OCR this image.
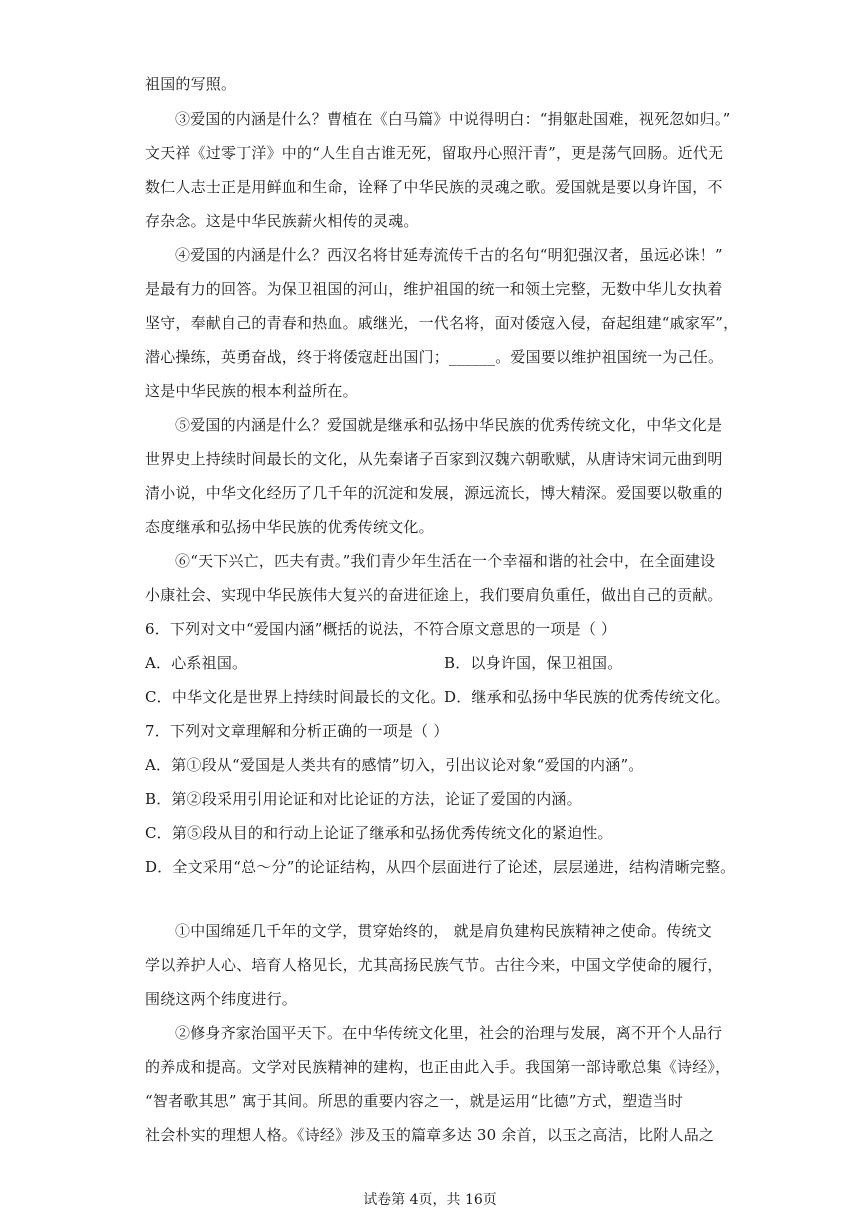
祖国的写照。
③爱国的内涵是什么？曹植在《白马篇》中说得明白：“捐躯赴国难，视死忽如归。”
文天祥《过零丁洋》中的“人生自古谁无死，留取丹心照汗青”，更是荡气回肠。近代无
数仁人志士正是用鲜血和生命，诠释了中华民族的灵魂之歌。爱国就是要以身许国，不
存杂念。这是中华民族薪火相传的灵魂。
④爱国的内涵是什么？西汉名将甘延寿流传千古的名句“明犯强汉者，虽远必诛！”
是最有力的回答。为保卫祖国的河山，维护祖国的统一和领土完整，无数中华儿女执着
坚守，奉献自己的青春和热血。戚继光，一代名将，面对倭寇入侵，奋起组建“戚家军”，
潜心操练，英勇奋战，终于将倭寇赶出国门；______。爱国要以维护祖国统一为己任。
这是中华民族的根本利益所在。
⑤爱国的内涵是什么？爱国就是继承和弘扬中华民族的优秀传统文化，中华文化是
世界史上持续时间最长的文化，从先秦诸子百家到汉魏六朝歌赋，从唐诗宋词元曲到明
清小说，中华文化经历了几千年的沉淀和发展，源远流长，博大精深。爱国要以敬重的
态度继承和弘扬中华民族的优秀传统文化。
⑥“天下兴亡，匹夫有责。”我们青少年生活在一个幸福和谐的社会中，在全面建设
小康社会、实现中华民族伟大复兴的奋进征途上，我们要肩负重任，做出自己的贡献。
6．下列对文中“爱国内涵”概括的说法，不符合原文意思的一项是（ ）
A．心系祖国。	B．以身许国，保卫祖国。
C．中华文化是世界上持续时间最长的文化。
D．继承和弘扬中华民族的优秀传统文化。
7．下列对文章理解和分析正确的一项是（ ）
A．第①段从“爱国是人类共有的感情”切入，引出议论对象“爱国的内涵”。
B．第②段采用引用论证和对比论证的方法，论证了爱国的内涵。
C．第⑤段从目的和行动上论证了继承和弘扬优秀传统文化的紧迫性。
D．全文采用“总～分”的论证结构，从四个层面进行了论述，层层递进，结构清晰完整。
①中国绵延几千年的文学，贯穿始终的， 就是肩负建构民族精神之使命。传统文
学以养护人心、培育人格见长，尤其高扬民族气节。古往今来，中国文学使命的履行，
围绕这两个纬度进行。
②修身齐家治国平天下。在中华传统文化里，社会的治理与发展，离不开个人品行
的养成和提高。文学对民族精神的建构，也正由此入手。我国第一部诗歌总集《诗经》，
“智者歌其思” 寓于其间。所思的重要内容之一，就是运用“比德”方式，塑造当时
社会朴实的理想人格。《诗经》涉及玉的篇章多达 30 余首，以玉之高洁，比附人品之
试卷第 4页，共 16页
